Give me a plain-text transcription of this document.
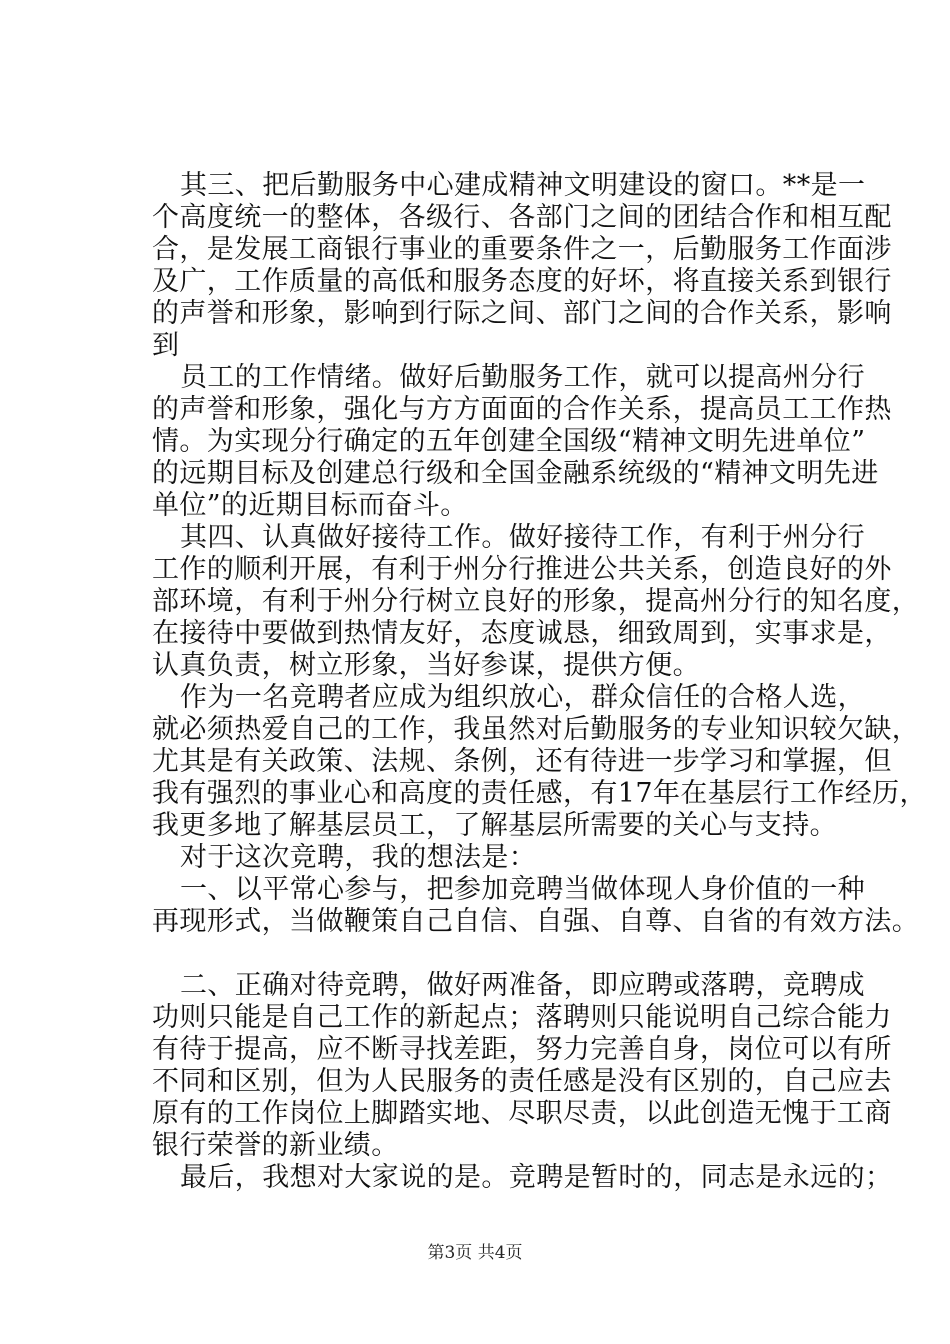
其三、把后勤服务中心建成精神文明建设的窗口。**是一
个高度统一的整体，各级行、各部门之间的团结合作和相互配
合，是发展工商银行事业的重要条件之一，后勤服务工作面涉
及广，工作质量的高低和服务态度的好坏，将直接关系到银行
的声誉和形象，影响到行际之间、部门之间的合作关系，影响
到

员工的工作情绪。做好后勤服务工作，就可以提高州分行
的声誉和形象，强化与方方面面的合作关系，提高员工工作热
情。为实现分行确定的五年创建全国级“精神文明先进单位”
的远期目标及创建总行级和全国金融系统级的“精神文明先进
单位”的近期目标而奋斗。

其四、认真做好接待工作。做好接待工作，有利于州分行
工作的顺利开展，有利于州分行推进公共关系，创造良好的外
部环境，有利于州分行树立良好的形象，提高州分行的知名度，
在接待中要做到热情友好，态度诚恳，细致周到，实事求是，
认真负责，树立形象，当好参谋，提供方便。

作为一名竞聘者应成为组织放心，群众信任的合格人选，
就必须热爱自己的工作，我虽然对后勤服务的专业知识较欠缺，
尤其是有关政策、法规、条例，还有待进一步学习和掌握，但
我有强烈的事业心和高度的责任感，有17年在基层行工作经历，
我更多地了解基层员工，了解基层所需要的关心与支持。

对于这次竞聘，我的想法是：

一、以平常心参与，把参加竞聘当做体现人身价值的一种
再现形式，当做鞭策自己自信、自强、自尊、自省的有效方法。

二、正确对待竞聘，做好两准备，即应聘或落聘，竞聘成
功则只能是自己工作的新起点；落聘则只能说明自己综合能力
有待于提高，应不断寻找差距，努力完善自身，岗位可以有所
不同和区别，但为人民服务的责任感是没有区别的，自己应去
原有的工作岗位上脚踏实地、尽职尽责，以此创造无愧于工商
银行荣誉的新业绩。

最后，我想对大家说的是。竞聘是暂时的，同志是永远的；

第3页 共4页
